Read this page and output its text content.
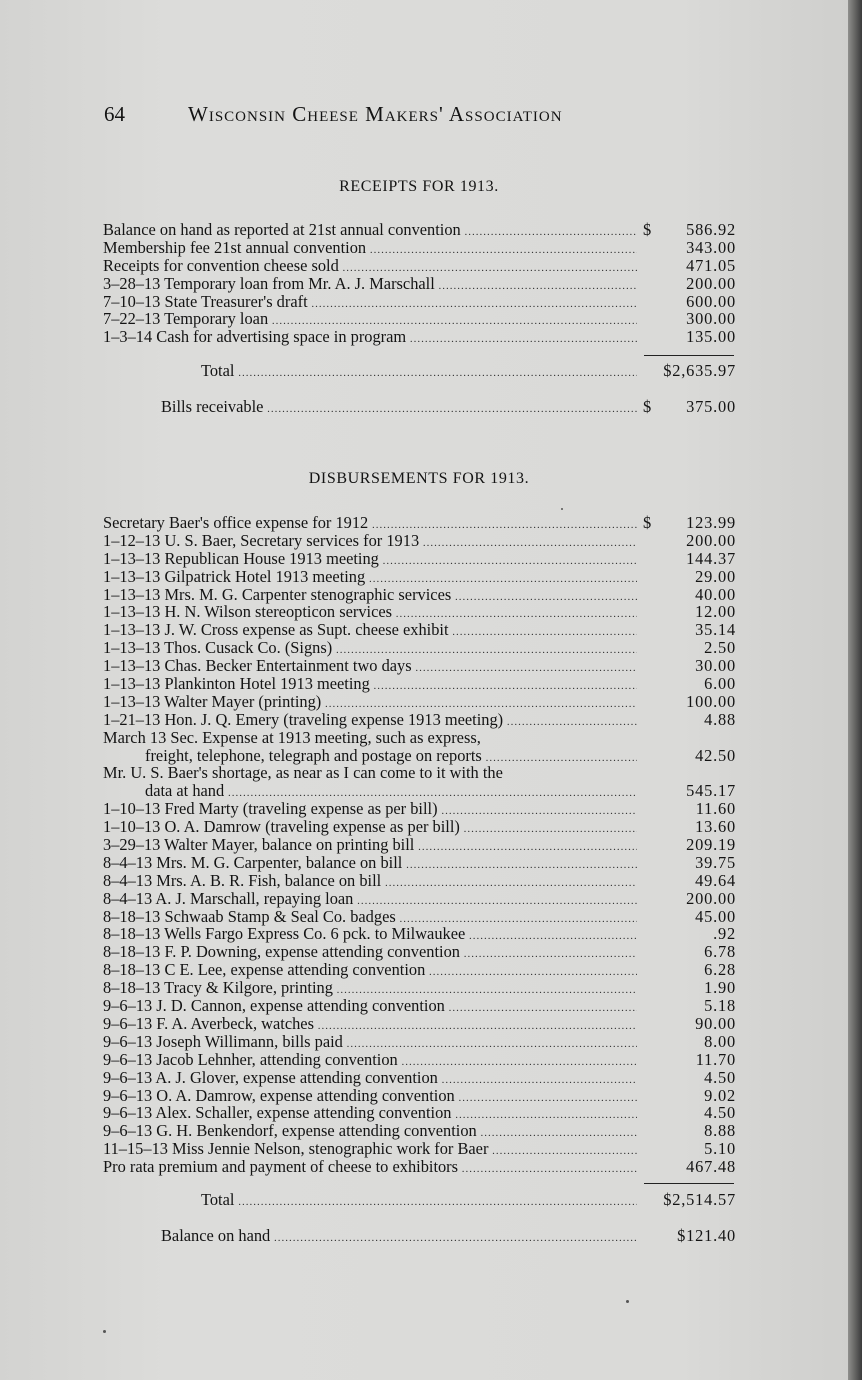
64	Wisconsin Cheese Makers' Association
RECEIPTS FOR 1913.
Balance on hand as reported at 21st annual convention .....	$ 586.92
Membership fee 21st annual convention .....	343.00
Receipts for convention cheese sold .....	471.05
3–28–13 Temporary loan from Mr. A. J. Marschall .....	200.00
7–10–13 State Treasurer's draft .....	600.00
7–22–13 Temporary loan .....	300.00
1–3–14 Cash for advertising space in program .....	135.00
Total .....	$2,635.97
Bills receivable .....	$ 375.00
DISBURSEMENTS FOR 1913.
Secretary Baer's office expense for 1912 .....	$ 123.99
1–12–13 U. S. Baer, Secretary services for 1913 .....	200.00
1–13–13 Republican House 1913 meeting .....	144.37
1–13–13 Gilpatrick Hotel 1913 meeting .....	29.00
1–13–13 Mrs. M. G. Carpenter stenographic services .....	40.00
1–13–13 H. N. Wilson stereopticon services .....	12.00
1–13–13 J. W. Cross expense as Supt. cheese exhibit .....	35.14
1–13–13 Thos. Cusack Co. (Signs) .....	2.50
1–13–13 Chas. Becker Entertainment two days .....	30.00
1–13–13 Plankinton Hotel 1913 meeting .....	6.00
1–13–13 Walter Mayer (printing) .....	100.00
1–21–13 Hon. J. Q. Emery (traveling expense 1913 meeting) .....	4.88
March 13 Sec. Expense at 1913 meeting, such as express,
freight, telephone, telegraph and postage on reports .....	42.50
Mr. U. S. Baer's shortage, as near as I can come to it with the
data at hand .....	545.17
1–10–13 Fred Marty (traveling expense as per bill) .....	11.60
1–10–13 O. A. Damrow (traveling expense as per bill) .....	13.60
3–29–13 Walter Mayer, balance on printing bill .....	209.19
8–4–13 Mrs. M. G. Carpenter, balance on bill .....	39.75
8–4–13 Mrs. A. B. R. Fish, balance on bill .....	49.64
8–4–13 A. J. Marschall, repaying loan .....	200.00
8–18–13 Schwaab Stamp & Seal Co. badges .....	45.00
8–18–13 Wells Fargo Express Co. 6 pck. to Milwaukee .....	.92
8–18–13 F. P. Downing, expense attending convention .....	6.78
8–18–13 C E. Lee, expense attending convention .....	6.28
8–18–13 Tracy & Kilgore, printing .....	1.90
9–6–13 J. D. Cannon, expense attending convention .....	5.18
9–6–13 F. A. Averbeck, watches .....	90.00
9–6–13 Joseph Willimann, bills paid .....	8.00
9–6–13 Jacob Lehnher, attending convention .....	11.70
9–6–13 A. J. Glover, expense attending convention .....	4.50
9–6–13 O. A. Damrow, expense attending convention .....	9.02
9–6–13 Alex. Schaller, expense attending convention .....	4.50
9–6–13 G. H. Benkendorf, expense attending convention .....	8.88
11–15–13 Miss Jennie Nelson, stenographic work for Baer .....	5.10
Pro rata premium and payment of cheese to exhibitors .....	467.48
Total .....	$2,514.57
Balance on hand .....	$121.40
